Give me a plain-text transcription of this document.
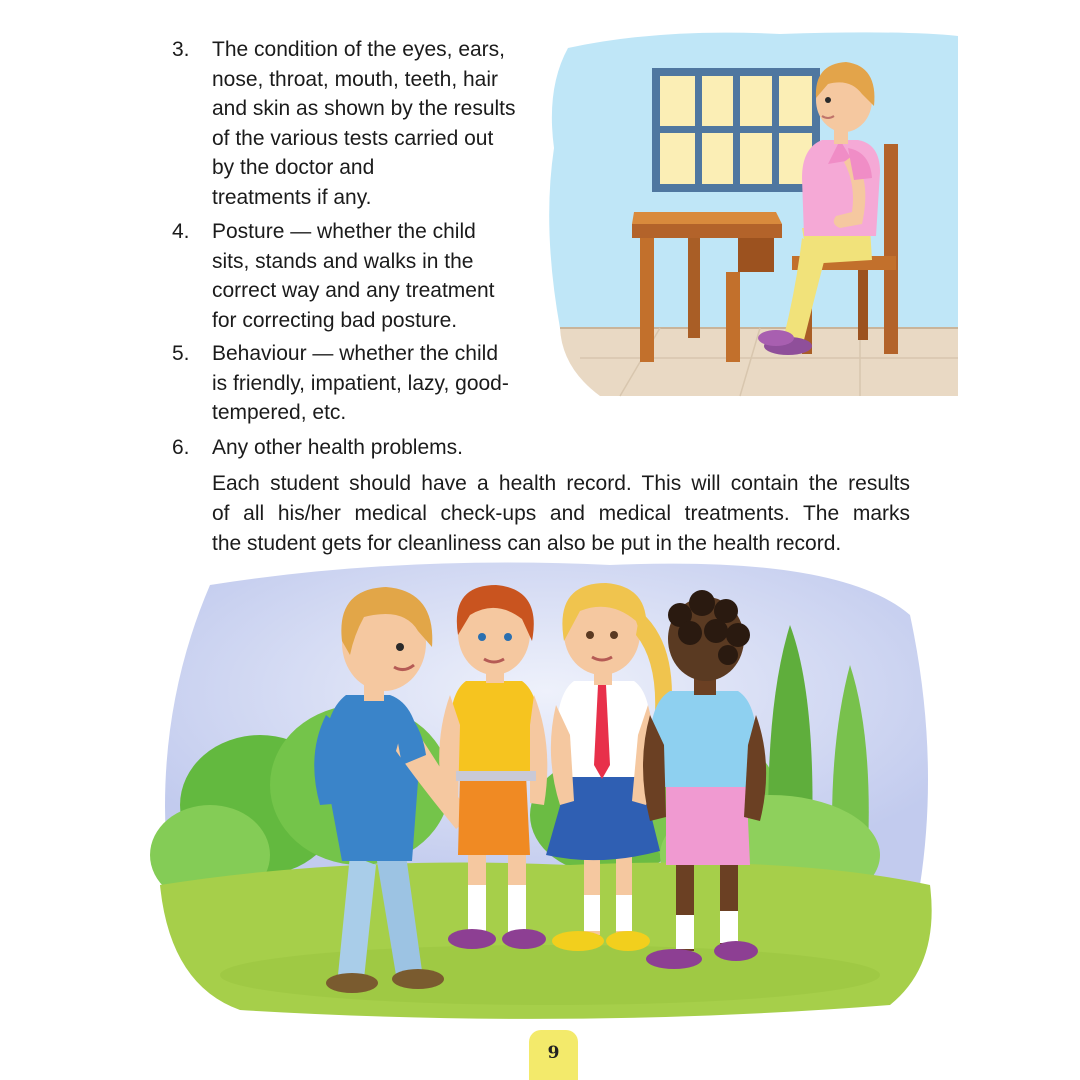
3.	The condition of the eyes, ears,
nose, throat, mouth, teeth, hair
and skin as shown by the results
of the various tests carried out
by the doctor and
treatments if any.
4.	Posture — whether the child
sits, stands and walks in the
correct way and any treatment
for correcting bad posture.
5.	Behaviour — whether the child
is friendly, impatient, lazy, good-
tempered, etc.
6.	Any other health problems.
Each student should have a health record. This will contain the results
of all his/her medical check-ups and medical treatments. The marks
the student gets for cleanliness can also be put in the health record.
9
